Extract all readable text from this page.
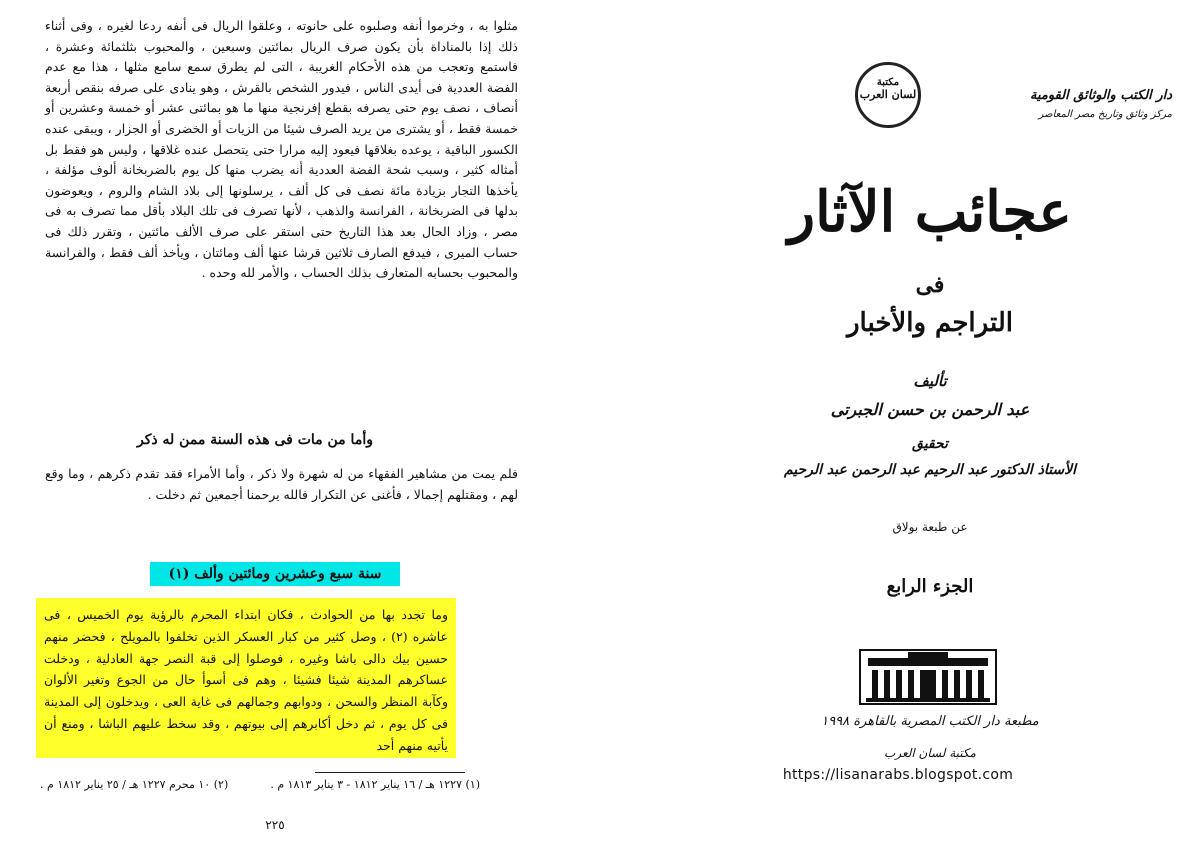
مثلوا به ، وخرموا أنفه وصلبوه على حانوته ، وعلقوا الريال فى أنفه ردعا لغيره ، وفى أثناء ذلك إذا بالمناداة بأن يكون صرف الريال بمائتين وسبعين ، والمحبوب بثلثمائة وعشرة ، فاستمع وتعجب من هذه الأحكام الغريبة ، التى لم يطرق سمع سامع مثلها ، هذا مع عدم الفضة العددية فى أيدى الناس ، فيدور الشخص بالقرش ، وهو ينادى على صرفه بنقص أربعة أنصاف ، نصف يوم حتى يصرفه بقطع إفرنجية منها ما هو بمائتى عشر أو خمسة وعشرين أو خمسة فقط ، أو يشترى من يريد الصرف شيئا من الزيات أو الخضرى أو الجزار ، ويبقى عنده الكسور الباقية ، يوعده بغلاقها فيعود إليه مرارا حتى يتحصل عنده غلاقها ، وليس هو فقط بل أمثاله كثير ، وسبب شحة الفضة العددية أنه يضرب منها كل يوم بالضربخانة ألوف مؤلفة ، يأخذها التجار بزيادة مائة نصف فى كل ألف ، يرسلونها إلى بلاد الشام والروم ، ويعوضون بدلها فى الضربخانة ، الفرانسة والذهب ، لأنها تصرف فى تلك البلاد بأقل مما تصرف به فى مصر ، وزاد الحال بعد هذا التاريخ حتى استقر على صرف الألف مائتين ، وتقرر ذلك فى حساب الميرى ، فيدفع الصارف ثلاثين قرشا عنها ألف ومائتان ، ويأخذ ألف فقط ، والفرانسة والمحبوب بحسابه المتعارف بذلك الحساب ، والأمر لله وحده .

وأما من مات فى هذه السنة ممن له ذكر

فلم يمت من مشاهير الفقهاء من له شهرة ولا ذكر ، وأما الأمراء فقد تقدم ذكرهم ، وما وقع لهم ، ومقتلهم إجمالا ، فأغنى عن التكرار فالله يرحمنا أجمعين ثم دخلت .

سنة سبع وعشرين ومائتين وألف (١)
وما تجدد بها من الحوادث ، فكان ابتداء المحرم بالرؤية يوم الخميس ، فى عاشره (٢) ، وصل كثير من كبار العسكر الذين تخلفوا بالمويلح ، فحضر منهم حسين بيك دالى باشا وغيره ، فوصلوا إلى قبة النصر جهة العادلية ، ودخلت عساكرهم المدينة شيئا فشيئا ، وهم فى أسوأ حال من الجوع وتغير الألوان وكآبة المنظر والسحن ، ودوابهم وجمالهم فى غاية العى ، ويدخلون إلى المدينة فى كل يوم ، ثم دخل أكابرهم إلى بيوتهم ، وقد سخط عليهم الباشا ، ومنع أن يأتيه منهم أحد
(١) ١٢٢٧ هـ / ١٦ يناير ١٨١٢ - ٣ يناير ١٨١٣ م .
(٢) ١٠ محرم ١٢٢٧ هـ / ٢٥ يناير ١٨١٢ م .
٢٢٥
دار الكتب والوثائق القومية
مركز وثائق وتاريخ مصر المعاصر
مكتبة
لسان العرب
عجائب الآثار
فى
التراجم والأخبار
تأليف
عبد الرحمن بن حسن الجبرتى
تحقيق
الأستاذ الدكتور عبد الرحيم عبد الرحمن عبد الرحيم
عن طبعة بولاق
الجزء الرابع
مطبعة دار الكتب المصرية بالقاهرة ١٩٩٨
مكتبة لسان العرب
https://lisanarabs.blogspot.com
